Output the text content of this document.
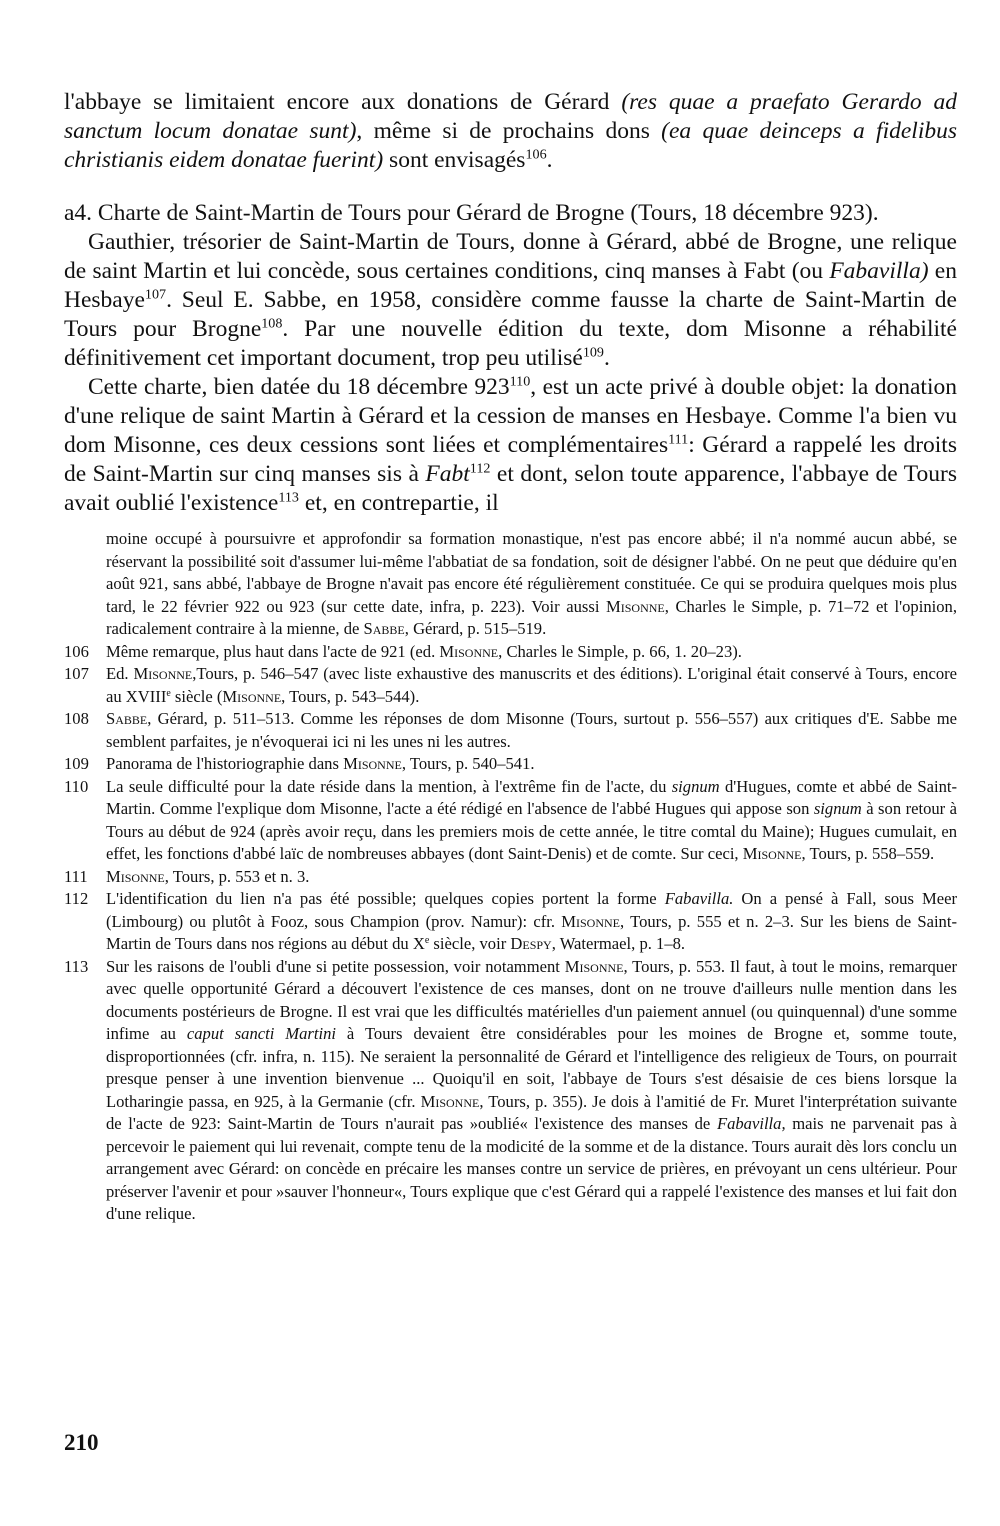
l'abbaye se limitaient encore aux donations de Gérard (res quae a praefato Gerardo ad sanctum locum donatae sunt), même si de prochains dons (ea quae deinceps a fidelibus christianis eidem donatae fuerint) sont envisagés$^{106}$.

a4. Charte de Saint-Martin de Tours pour Gérard de Brogne (Tours, 18 décembre 923).

Gauthier, trésorier de Saint-Martin de Tours, donne à Gérard, abbé de Brogne, une relique de saint Martin et lui concède, sous certaines conditions, cinq manses à Fabt (ou Fabavilla) en Hesbaye$^{107}$. Seul E. Sabbe, en 1958, considère comme fausse la charte de Saint-Martin de Tours pour Brogne$^{108}$. Par une nouvelle édition du texte, dom Misonne a réhabilité définitivement cet important document, trop peu utilisé$^{109}$.

Cette charte, bien datée du 18 décembre $923^{110}$, est un acte privé à double objet: la donation d'une relique de saint Martin à Gérard et la cession de manses en Hesbaye. Comme l'a bien vu dom Misonne, ces deux cessions sont liées et complémentaires$^{111}$: Gérard a rappelé les droits de Saint-Martin sur cinq manses sis à Fabt$^{112}$ et dont, selon toute apparence, l'abbaye de Tours avait oublié l'existence$^{113}$ et, en contrepartie, il

moine occupé à poursuivre et approfondir sa formation monastique, n'est pas encore abbé; il n'a nommé aucun abbé, se réservant la possibilité soit d'assumer lui-même l'abbatiat de sa fondation, soit de désigner l'abbé. On ne peut que déduire qu'en août 921, sans abbé, l'abbaye de Brogne n'avait pas encore été régulièrement constituée. Ce qui se produira quelques mois plus tard, le 22 février 922 ou 923 (sur cette date, infra, p. 223). Voir aussi Misonne, Charles le Simple, p. 71–72 et l'opinion, radicalement contraire à la mienne, de Sabbe, Gérard, p. 515–519.
106	Même remarque, plus haut dans l'acte de 921 (ed. Misonne, Charles le Simple, p. 66, 1. 20–23).
107	Ed. Misonne,Tours, p. 546–547 (avec liste exhaustive des manuscrits et des éditions). L'original était conservé à Tours, encore au XVIIIe siècle (Misonne, Tours, p. 543–544).
108	Sabbe, Gérard, p. 511–513. Comme les réponses de dom Misonne (Tours, surtout p. 556–557) aux critiques d'E. Sabbe me semblent parfaites, je n'évoquerai ici ni les unes ni les autres.
109	Panorama de l'historiographie dans Misonne, Tours, p. 540–541.
110	La seule difficulté pour la date réside dans la mention, à l'extrême fin de l'acte, du signum d'Hugues, comte et abbé de Saint-Martin. Comme l'explique dom Misonne, l'acte a été rédigé en l'absence de l'abbé Hugues qui appose son signum à son retour à Tours au début de 924 (après avoir reçu, dans les premiers mois de cette année, le titre comtal du Maine); Hugues cumulait, en effet, les fonctions d'abbé laïc de nombreuses abbayes (dont Saint-Denis) et de comte. Sur ceci, Misonne, Tours, p. 558–559.
111	Misonne, Tours, p. 553 et n. 3.
112	L'identification du lien n'a pas été possible; quelques copies portent la forme Fabavilla. On a pensé à Fall, sous Meer (Limbourg) ou plutôt à Fooz, sous Champion (prov. Namur): cfr. Misonne, Tours, p. 555 et n. 2–3. Sur les biens de Saint-Martin de Tours dans nos régions au début du Xe siècle, voir Despy, Watermael, p. 1–8.
113	Sur les raisons de l'oubli d'une si petite possession, voir notamment Misonne, Tours, p. 553. Il faut, à tout le moins, remarquer avec quelle opportunité Gérard a découvert l'existence de ces manses, dont on ne trouve d'ailleurs nulle mention dans les documents postérieurs de Brogne. Il est vrai que les difficultés matérielles d'un paiement annuel (ou quinquennal) d'une somme infime au caput sancti Martini à Tours devaient être considérables pour les moines de Brogne et, somme toute, disproportionnées (cfr. infra, n. 115). Ne seraient la personnalité de Gérard et l'intelligence des religieux de Tours, on pourrait presque penser à une invention bienvenue ... Quoiqu'il en soit, l'abbaye de Tours s'est désaisie de ces biens lorsque la Lotharingie passa, en 925, à la Germanie (cfr. Misonne, Tours, p. 355). Je dois à l'amitié de Fr. Muret l'interprétation suivante de l'acte de 923: Saint-Martin de Tours n'aurait pas »oublié« l'existence des manses de Fabavilla, mais ne parvenait pas à percevoir le paiement qui lui revenait, compte tenu de la modicité de la somme et de la distance. Tours aurait dès lors conclu un arrangement avec Gérard: on concède en précaire les manses contre un service de prières, en prévoyant un cens ultérieur. Pour préserver l'avenir et pour »sauver l'honneur«, Tours explique que c'est Gérard qui a rappelé l'existence des manses et lui fait don d'une relique.
210
